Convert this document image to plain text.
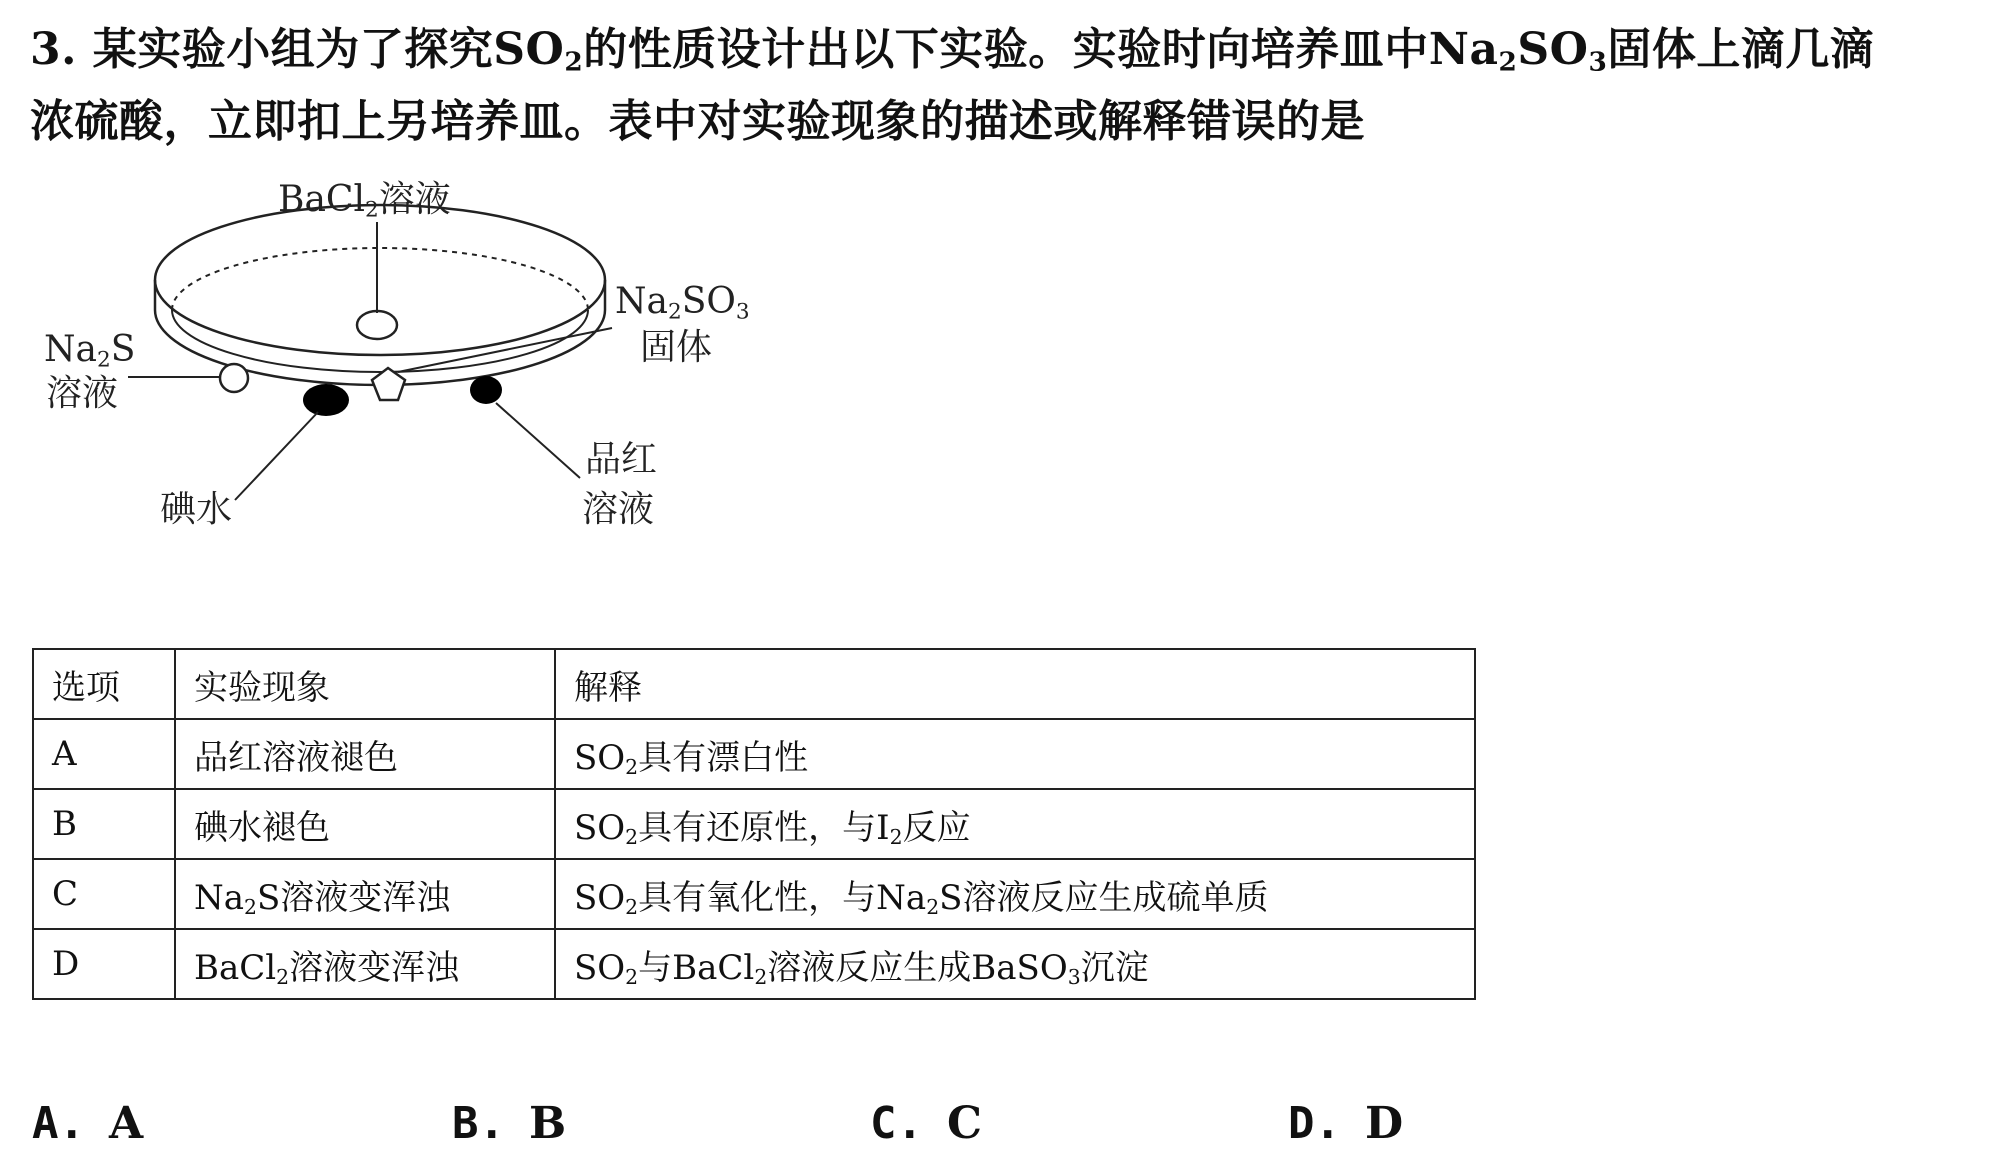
3. 某实验小组为了探究$SO_2$的性质设计出以下实验。实验时向培养皿中$Na_2SO_3$固体上滴几滴
浓硫酸，立即扣上另培养皿。表中对实验现象的描述或解释错误的是
BaCl$_2$溶液
$Na_2SO_3$
固体
$Na_2S$
溶液
碘水
品红
溶液
选项	实验现象	解释
A	品红溶液褪色	$SO_2$具有漂白性
B	碘水褪色	$SO_2$具有还原性，与$I_2$反应
C	$Na_2S$溶液变浑浊	$SO_2$具有氧化性，与$Na_2S$溶液反应生成硫单质
D	BaCl$_2$溶液变浑浊	$SO_2$与BaCl$_2$溶液反应生成BaSO$_3$沉淀
A. A	B. B	C. C	D. D
